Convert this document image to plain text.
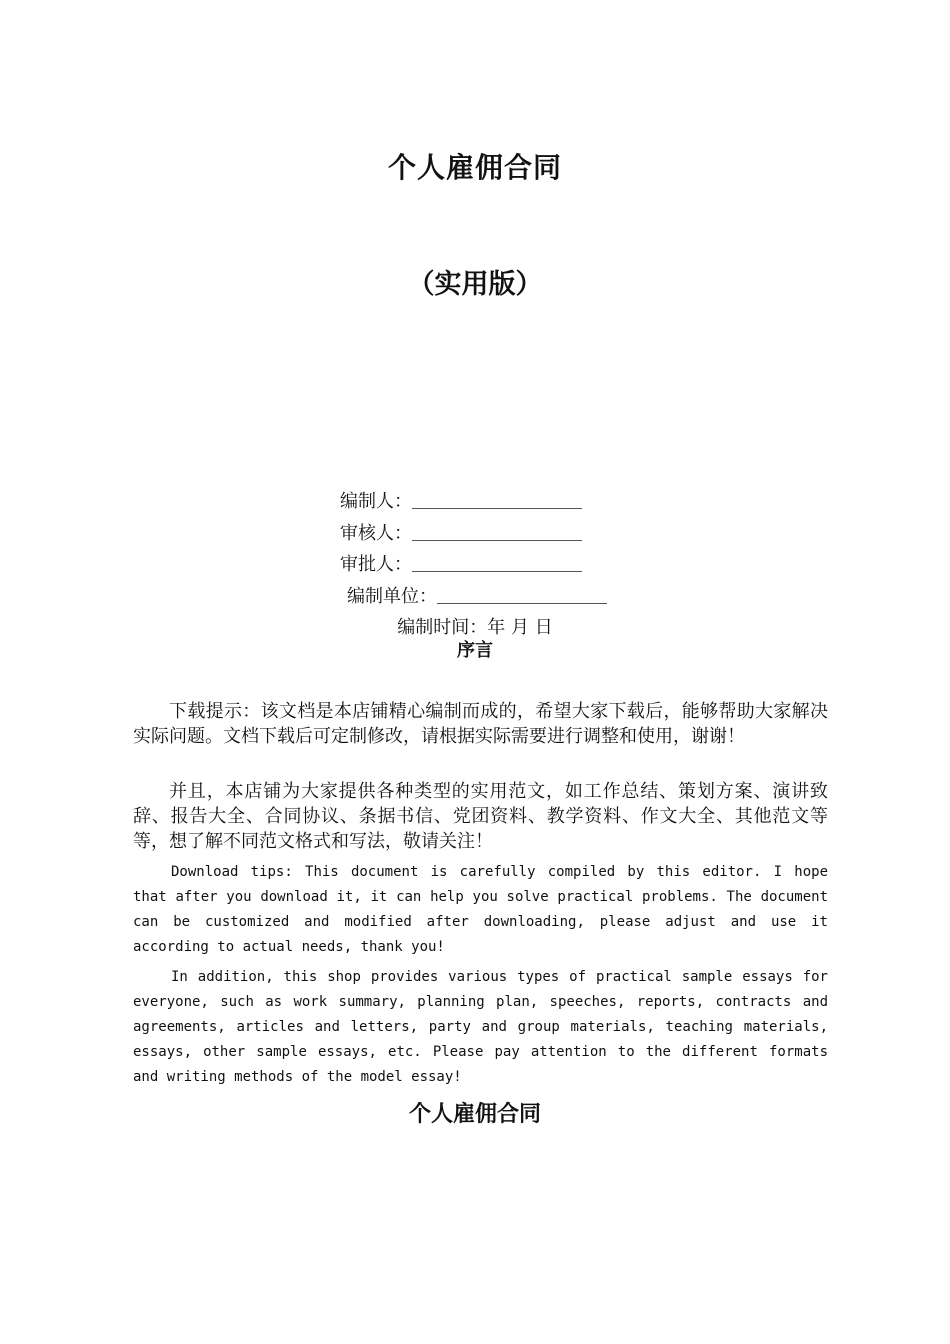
个人雇佣合同
（实用版）
编制人：
审核人：
审批人：
编制单位：
编制时间：年 月 日
序言

下载提示：该文档是本店铺精心编制而成的，希望大家下载后，能够帮助大家解决实际问题。文档下载后可定制修改，请根据实际需要进行调整和使用，谢谢！

并且，本店铺为大家提供各种类型的实用范文，如工作总结、策划方案、演讲致辞、报告大全、合同协议、条据书信、党团资料、教学资料、作文大全、其他范文等等，想了解不同范文格式和写法，敬请关注！

Download tips: This document is carefully compiled by this editor. I hope that after you download it, it can help you solve practical problems. The document can be customized and modified after downloading, please adjust and use it according to actual needs, thank you!

In addition, this shop provides various types of practical sample essays for everyone, such as work summary, planning plan, speeches, reports, contracts and agreements, articles and letters, party and group materials, teaching materials, essays, other sample essays, etc. Please pay attention to the different formats and writing methods of the model essay!

个人雇佣合同
